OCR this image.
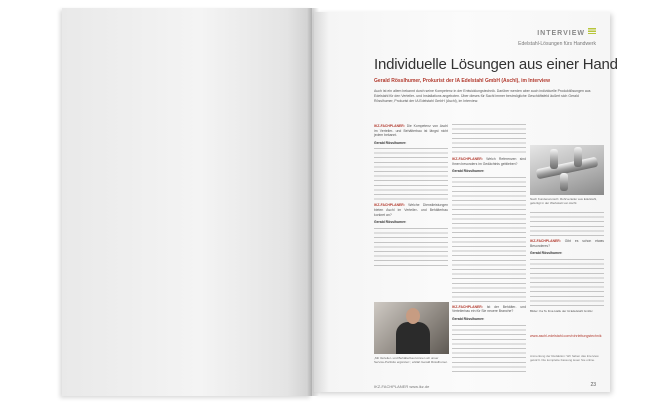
INTERVIEW
Edelstahl-Lösungen fürs Handwerk
Individuelle Lösungen aus einer Hand
Gerald Rösslhumer, Prokurist der IA Edelstahl GmbH (Aschl), im Interview
Auch ist ein allem bekannt durch seine Kompetenz in der Entwicklungstechnik. Darüber werden aber auch individuelle Produktlösungen aus Edelstahl für den Verteiler- und Installations angeboten. Über dieses für Sachl immer bestmögliche Geschäftsfeld äußert sich Gerald Rösslhumer, Prokurist der IA Edelstahl GmbH (Aschl), im Interview.

IKZ-FACHPLANER: Die Kompetenz von Aschl im Verteiler- und Behälterbau ist längst nicht jedem bekannt.

Gerald Rösslhumer:

IKZ-FACHPLANER: Welche Dienstleistungen bieten Aschl im Verteiler- und Behälterbau konkret an?

Gerald Rösslhumer:

„Mit Verteiler- und Behälterbau können wir unser Service-Portfolio ergänzen“, erklärt Gerald Rösslhumer.

IKZ-FACHPLANER: Welch Referenzen sind Ihnen besonders im Gedächtnis geblieben?

Gerald Rösslhumer:

IKZ-FACHPLANER: Ist der Behälter- und Verteilerbau ein für Sie neuere Branche?

Gerald Rösslhumer:

Nach Kundenwunsch: Rohrverteiler aus Edelstahl, gefertigt in der Werkstatt von Aschl.

IKZ-FACHPLANER: Gibt es schon etwas Besonderes?

Gerald Rösslhumer:

Bilder: Ka Te Ilma Hallu der IA Edelstahl GmbH

www.aschl-edelstahl.com/rohrleitungstechnik
Anmerkung der Redaktion: Wir haben das Interview gekürzt. Die komplette Fassung lesen Sie online.
IKZ-FACHPLANER www.ikz.de	23
